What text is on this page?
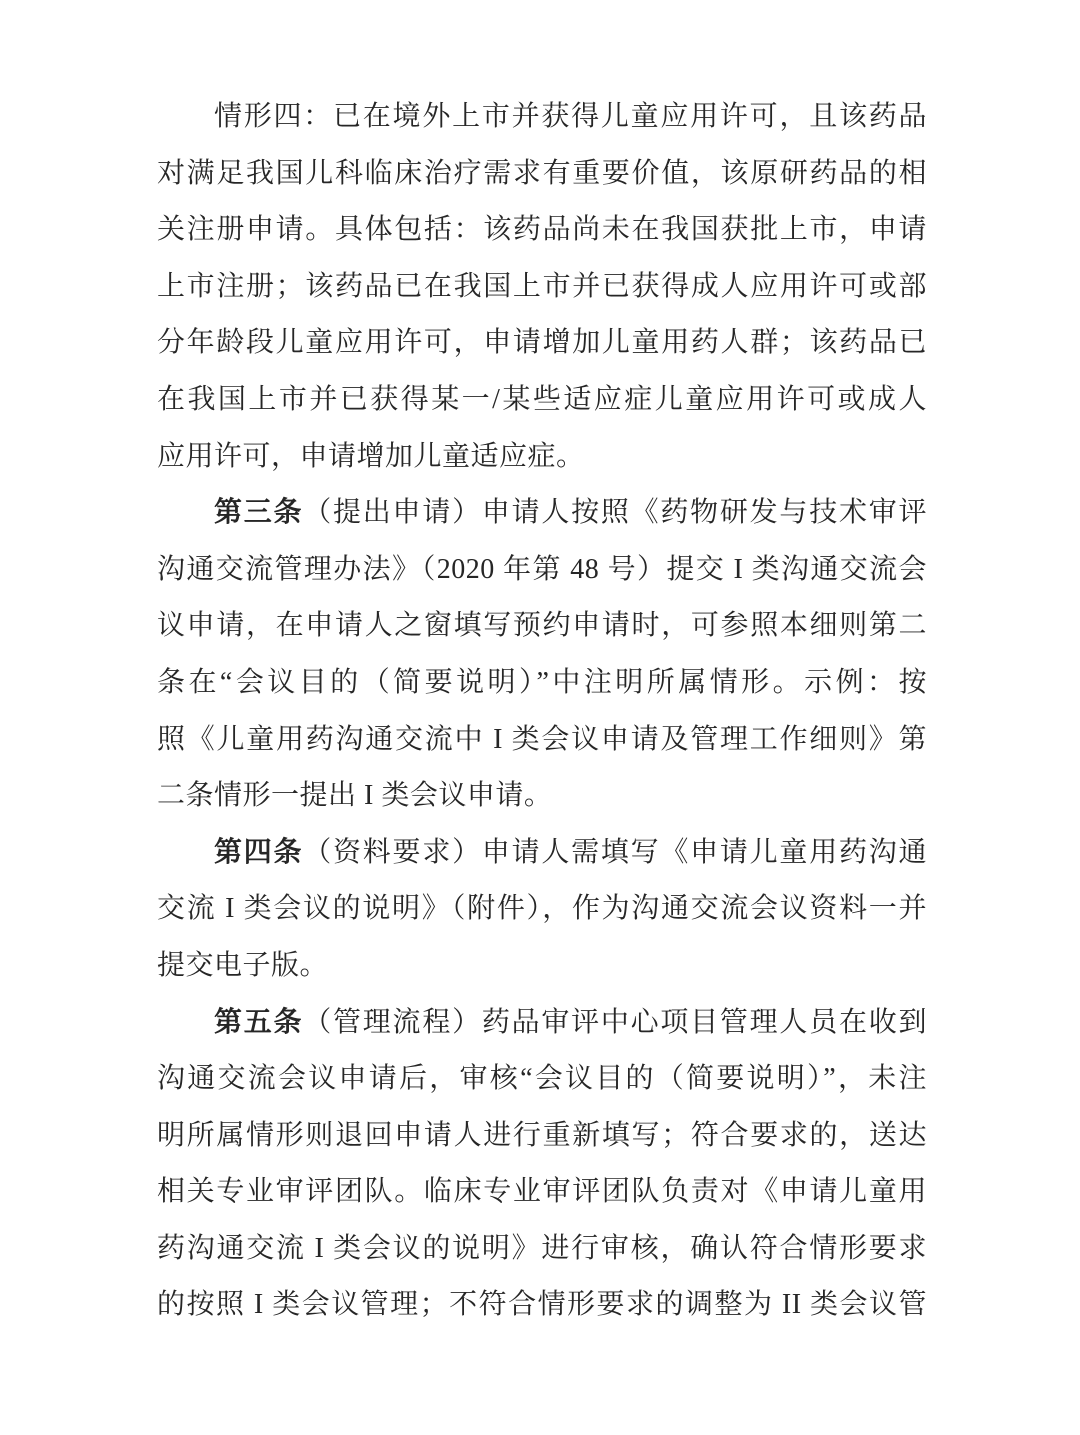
情形四：已在境外上市并获得儿童应用许可，且该药品
对满足我国儿科临床治疗需求有重要价值，该原研药品的相
关注册申请。具体包括：该药品尚未在我国获批上市，申请
上市注册；该药品已在我国上市并已获得成人应用许可或部
分年龄段儿童应用许可，申请增加儿童用药人群；该药品已
在我国上市并已获得某一/某些适应症儿童应用许可或成人
应用许可，申请增加儿童适应症。
第三条（提出申请）申请人按照《药物研发与技术审评
沟通交流管理办法》（2020 年第 48 号）提交 I 类沟通交流会
议申请，在申请人之窗填写预约申请时，可参照本细则第二
条在“会议目的（简要说明）”中注明所属情形。示例：按
照《儿童用药沟通交流中 I 类会议申请及管理工作细则》第
二条情形一提出 I 类会议申请。
第四条（资料要求）申请人需填写《申请儿童用药沟通
交流 I 类会议的说明》（附件），作为沟通交流会议资料一并
提交电子版。
第五条（管理流程）药品审评中心项目管理人员在收到
沟通交流会议申请后，审核“会议目的（简要说明）”，未注
明所属情形则退回申请人进行重新填写；符合要求的，送达
相关专业审评团队。临床专业审评团队负责对《申请儿童用
药沟通交流 I 类会议的说明》进行审核，确认符合情形要求
的按照 I 类会议管理；不符合情形要求的调整为 II 类会议管
